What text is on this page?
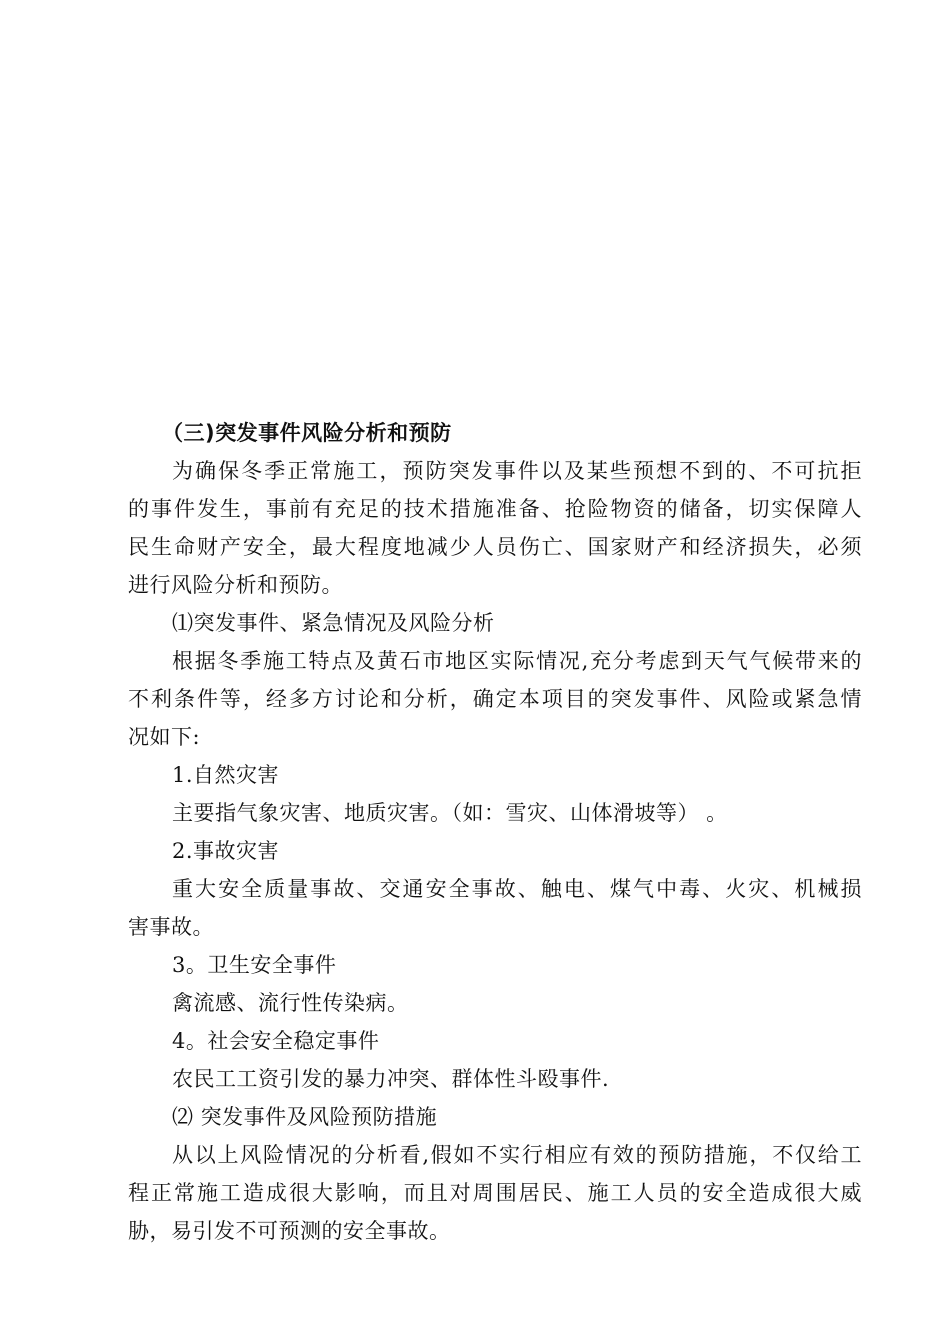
（三)突发事件风险分析和预防
为确保冬季正常施工，预防突发事件以及某些预想不到的、不可抗拒
的事件发生，事前有充足的技术措施准备、抢险物资的储备，切实保障人
民生命财产安全，最大程度地减少人员伤亡、国家财产和经济损失，必须
进行风险分析和预防。
⑴突发事件、紧急情况及风险分析
根据冬季施工特点及黄石市地区实际情况,充分考虑到天气气候带来的
不利条件等，经多方讨论和分析，确定本项目的突发事件、风险或紧急情
况如下:
1.自然灾害
主要指气象灾害、地质灾害。（如：雪灾、山体滑坡等） 。
2.事故灾害
重大安全质量事故、交通安全事故、触电、煤气中毒、火灾、机械损
害事故。
3。卫生安全事件
禽流感、流行性传染病。
4。社会安全稳定事件
农民工工资引发的暴力冲突、群体性斗殴事件.
⑵ 突发事件及风险预防措施
从以上风险情况的分析看,假如不实行相应有效的预防措施，不仅给工
程正常施工造成很大影响，而且对周围居民、施工人员的安全造成很大威
胁，易引发不可预测的安全事故。
